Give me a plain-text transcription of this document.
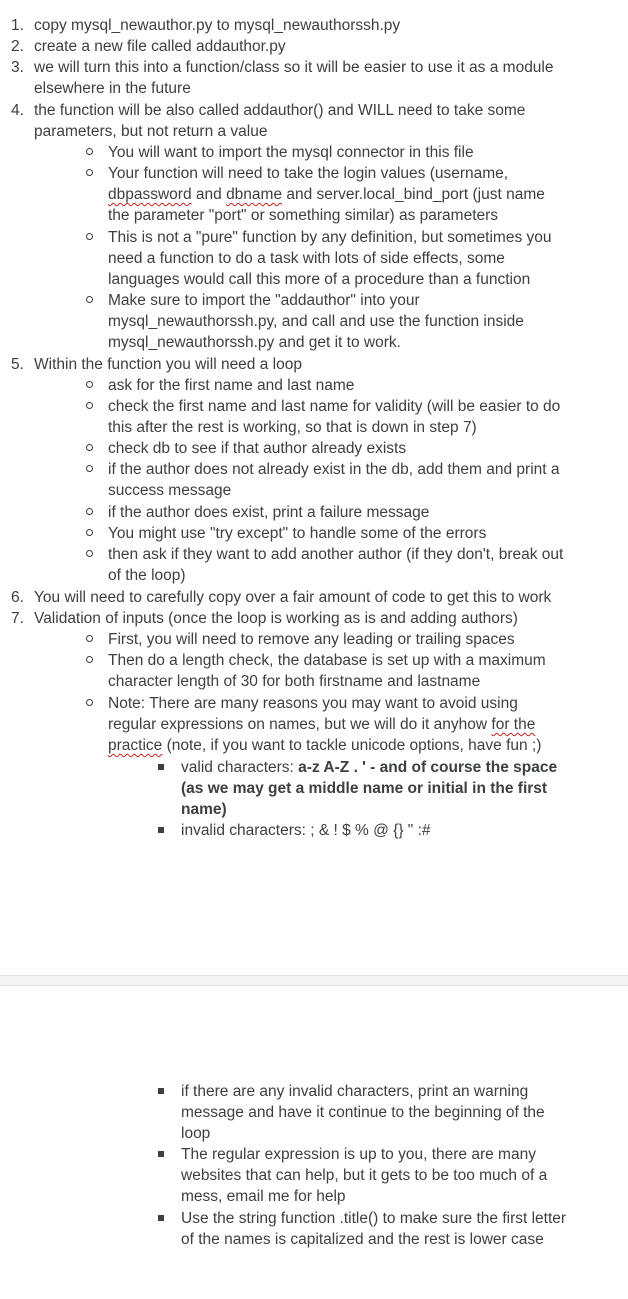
1. copy mysql_newauthor.py to mysql_newauthorssh.py
2. create a new file called addauthor.py
3. we will turn this into a function/class so it will be easier to use it as a module
elsewhere in the future
4. the function will be also called addauthor() and WILL need to take some
parameters, but not return a value
You will want to import the mysql connector in this file
Your function will need to take the login values (username,
dbpassword and dbname and server.local_bind_port (just name
the parameter "port" or something similar) as parameters
This is not a "pure" function by any definition, but sometimes you
need a function to do a task with lots of side effects, some
languages would call this more of a procedure than a function
Make sure to import the "addauthor" into your
mysql_newauthorssh.py, and call and use the function inside
mysql_newauthorssh.py and get it to work.
5. Within the function you will need a loop
ask for the first name and last name
check the first name and last name for validity (will be easier to do
this after the rest is working, so that is down in step 7)
check db to see if that author already exists
if the author does not already exist in the db, add them and print a
success message
if the author does exist, print a failure message
You might use "try except" to handle some of the errors
then ask if they want to add another author (if they don't, break out
of the loop)
6. You will need to carefully copy over a fair amount of code to get this to work
7. Validation of inputs (once the loop is working as is and adding authors)
First, you will need to remove any leading or trailing spaces
Then do a length check, the database is set up with a maximum
character length of 30 for both firstname and lastname
Note: There are many reasons you may want to avoid using
regular expressions on names, but we will do it anyhow for the
practice (note, if you want to tackle unicode options, have fun ;)
valid characters: a-z A-Z . ' - and of course the space
(as we may get a middle name or initial in the first
name)
invalid characters: ; & ! $ % @ {} " :#
if there are any invalid characters, print an warning
message and have it continue to the beginning of the
loop
The regular expression is up to you, there are many
websites that can help, but it gets to be too much of a
mess, email me for help
Use the string function .title() to make sure the first letter
of the names is capitalized and the rest is lower case
